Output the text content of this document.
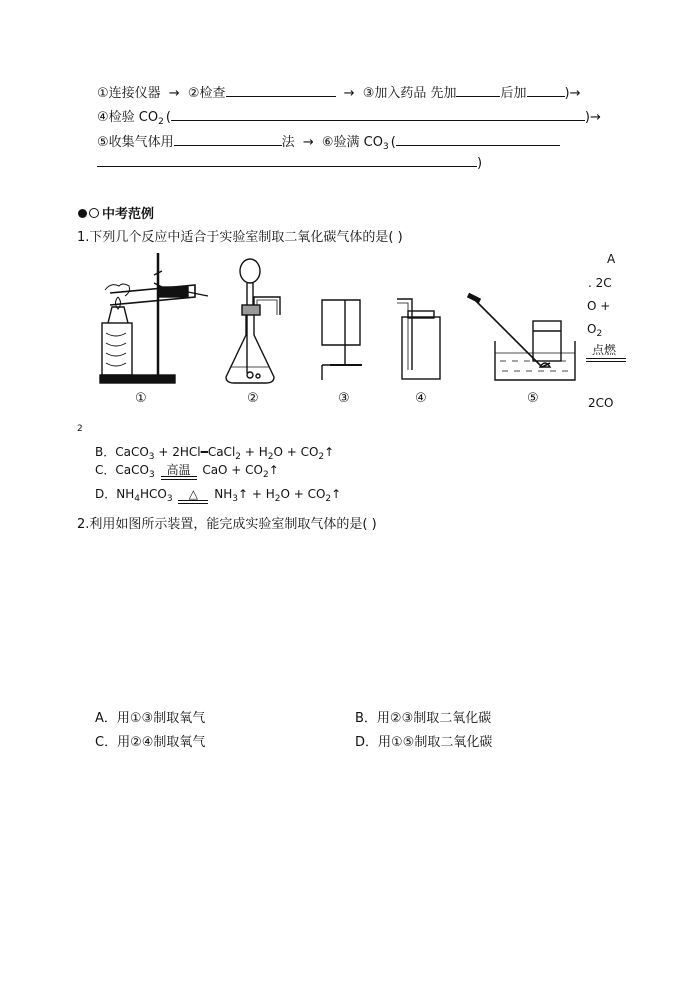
①连接仪器 → ②检查	→ ③加入药品 先加	后加	)→
④检验 $CO_2$ (	)→
⑤收集气体用	法 → ⑥验满 $CO_3$ (
)
中考范例
1.下列几个反应中适合于实验室制取二氧化碳气体的是( )
A
. 2C
O +
$O_2$
点燃
2CO
①	②	③	④	⑤
2
B．CaCO$_3$ + 2HCl━CaCl$_2$ + $H_2O$ + $CO_2↑$
C．CaCO$_3$ 高温 CaO + $CO_2↑$
D．$NH_4HCO_3$	△	$NH_3↑ + H_2O$ + $CO_2↑$
2.利用如图所示装置，能完成实验室制取气体的是( )
A．用①③制取氧气	B．用②③制取二氧化碳
C．用②④制取氧气	D．用①⑤制取二氧化碳
